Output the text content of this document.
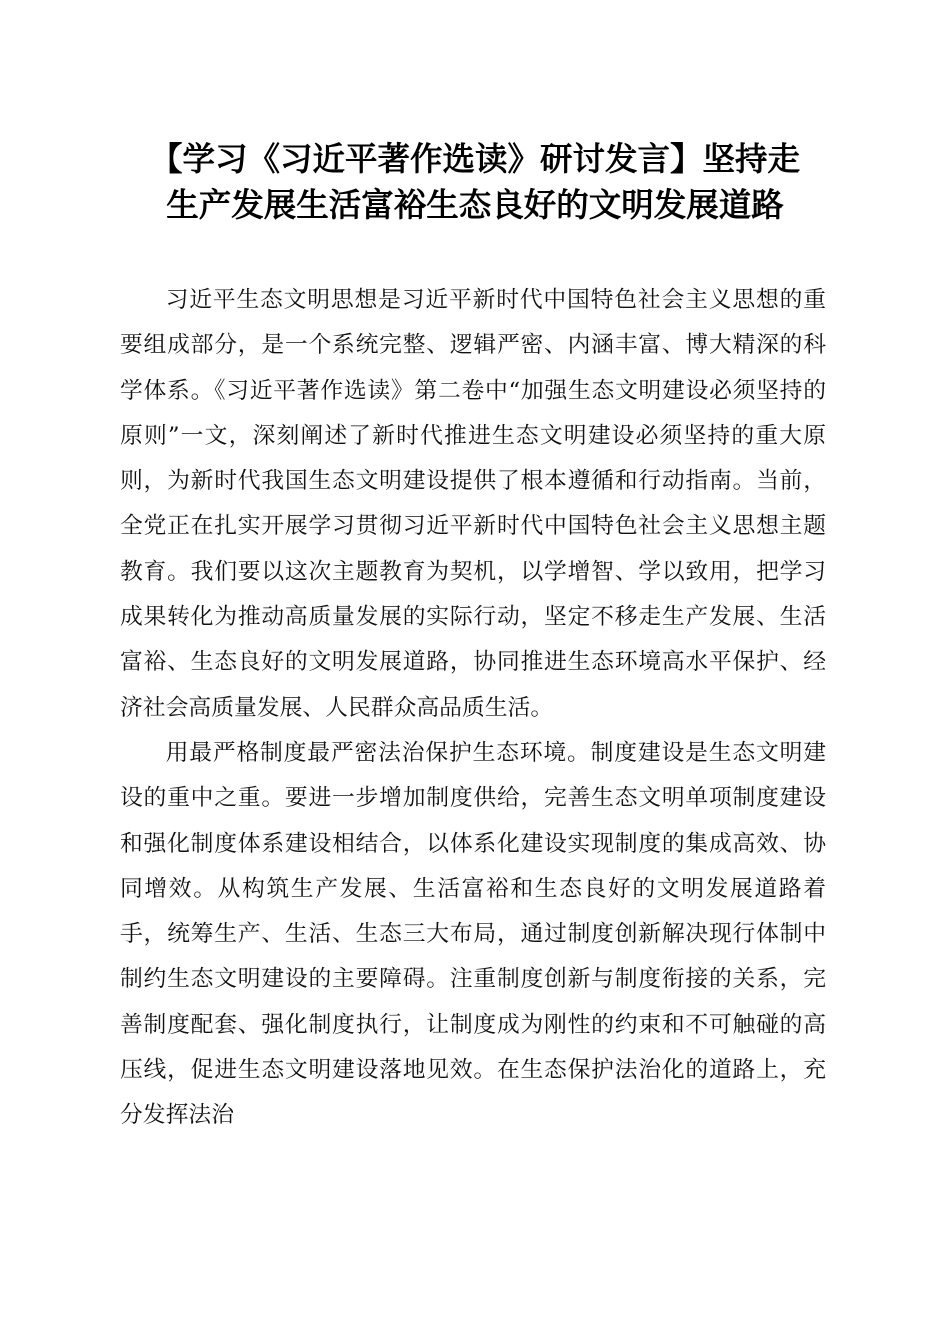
【学习《习近平著作选读》研讨发言】坚持走
生产发展生活富裕生态良好的文明发展道路

习近平生态文明思想是习近平新时代中国特色社会主义思想的重要组成部分，是一个系统完整、逻辑严密、内涵丰富、博大精深的科学体系。《习近平著作选读》第二卷中“加强生态文明建设必须坚持的原则”一文，深刻阐述了新时代推进生态文明建设必须坚持的重大原则，为新时代我国生态文明建设提供了根本遵循和行动指南。当前，全党正在扎实开展学习贯彻习近平新时代中国特色社会主义思想主题教育。我们要以这次主题教育为契机，以学增智、学以致用，把学习成果转化为推动高质量发展的实际行动，坚定不移走生产发展、生活富裕、生态良好的文明发展道路，协同推进生态环境高水平保护、经济社会高质量发展、人民群众高品质生活。

用最严格制度最严密法治保护生态环境。制度建设是生态文明建设的重中之重。要进一步增加制度供给，完善生态文明单项制度建设和强化制度体系建设相结合，以体系化建设实现制度的集成高效、协同增效。从构筑生产发展、生活富裕和生态良好的文明发展道路着手，统筹生产、生活、生态三大布局，通过制度创新解决现行体制中制约生态文明建设的主要障碍。注重制度创新与制度衔接的关系，完善制度配套、强化制度执行，让制度成为刚性的约束和不可触碰的高压线，促进生态文明建设落地见效。在生态保护法治化的道路上，充分发挥法治
